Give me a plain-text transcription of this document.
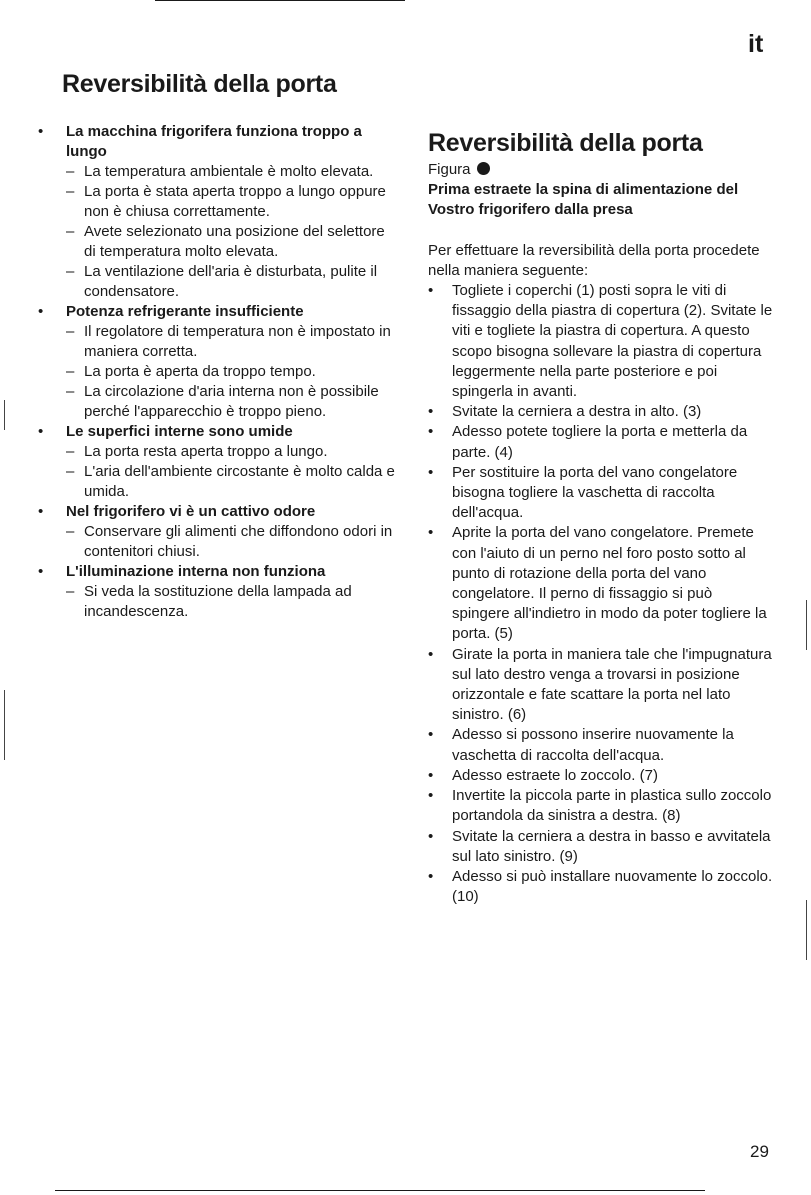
it
Reversibilità della porta
• La macchina frigorifera funziona troppo a lungo
– La temperatura ambientale è molto elevata.
– La porta è stata aperta troppo a lungo oppure non è chiusa correttamente.
– Avete selezionato una posizione del selettore di temperatura molto elevata.
– La ventilazione dell'aria è disturbata, pulite il condensatore.
• Potenza refrigerante insufficiente
– Il regolatore di temperatura non è impostato in maniera corretta.
– La porta è aperta da troppo tempo.
– La circolazione d'aria interna non è possibile perché l'apparecchio è troppo pieno.
• Le superfici interne sono umide
– La porta resta aperta troppo a lungo.
– L'aria dell'ambiente circostante è molto calda e umida.
• Nel frigorifero vi è un cattivo odore
– Conservare gli alimenti che diffondono odori in contenitori chiusi.
• L'illuminazione interna non funziona
– Si veda la sostituzione della lampada ad incandescenza.
Reversibilità della porta

Figura

Prima estraete la spina di alimentazione del Vostro frigorifero dalla presa

Per effettuare la reversibilità della porta procedete nella maniera seguente:

• Togliete i coperchi (1) posti sopra le viti di fissaggio della piastra di copertura (2). Svitate le viti e togliete la piastra di copertura. A questo scopo bisogna sollevare la piastra di copertura leggermente nella parte posteriore e poi spingerla in avanti.
• Svitate la cerniera a destra in alto. (3)
• Adesso potete togliere la porta e metterla da parte. (4)
• Per sostituire la porta del vano congelatore bisogna togliere la vaschetta di raccolta dell'acqua.
• Aprite la porta del vano congelatore. Premete con l'aiuto di un perno nel foro posto sotto al punto di rotazione della porta del vano congelatore. Il perno di fissaggio si può spingere all'indietro in modo da poter togliere la porta. (5)
• Girate la porta in maniera tale che l'impugnatura sul lato destro venga a trovarsi in posizione orizzontale e fate scattare la porta nel lato sinistro. (6)
• Adesso si possono inserire nuovamente la vaschetta di raccolta dell'acqua.
• Adesso estraete lo zoccolo. (7)
• Invertite la piccola parte in plastica sullo zoccolo portandola da sinistra a destra. (8)
• Svitate la cerniera a destra in basso e avvitatela sul lato sinistro. (9)
• Adesso si può installare nuovamente lo zoccolo.(10)
29
